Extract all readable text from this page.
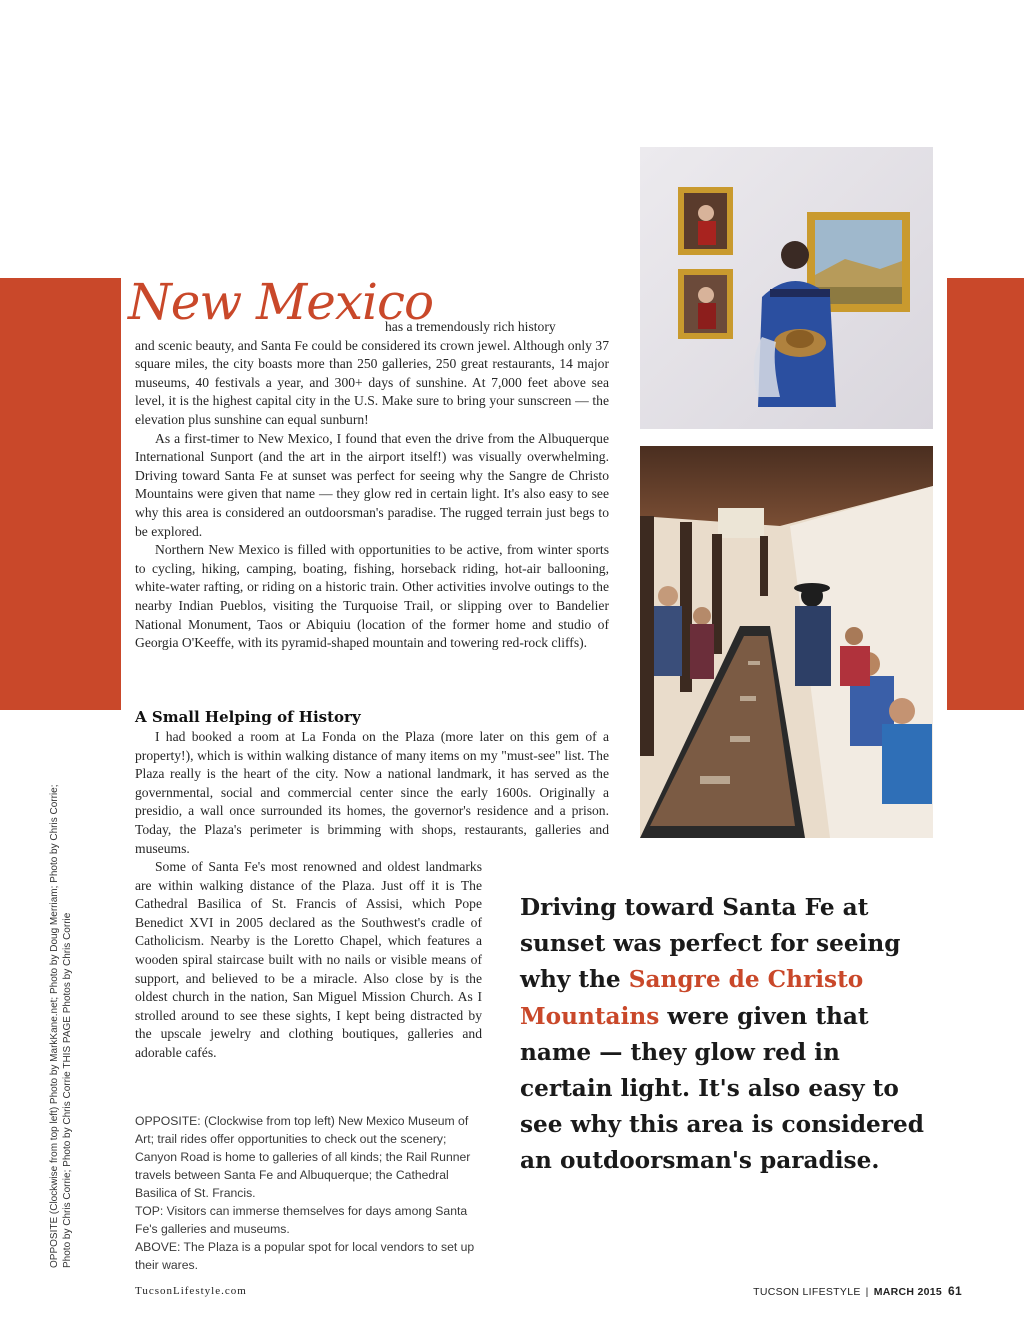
New Mexico
has a tremendously rich history

and scenic beauty, and Santa Fe could be considered its crown jewel. Although only 37 square miles, the city boasts more than 250 galleries, 250 great restaurants, 14 major museums, 40 festivals a year, and 300+ days of sunshine. At 7,000 feet above sea level, it is the highest capital city in the U.S. Make sure to bring your sunscreen — the elevation plus sunshine can equal sunburn!

As a first-timer to New Mexico, I found that even the drive from the Albuquerque International Sunport (and the art in the airport itself!) was visually overwhelming. Driving toward Santa Fe at sunset was perfect for seeing why the Sangre de Christo Mountains were given that name — they glow red in certain light. It's also easy to see why this area is considered an outdoorsman's paradise. The rugged terrain just begs to be explored.

Northern New Mexico is filled with opportunities to be active, from winter sports to cycling, hiking, camping, boating, fishing, horseback riding, hot-air ballooning, white-water rafting, or riding on a historic train. Other activities involve outings to the nearby Indian Pueblos, visiting the Turquoise Trail, or slipping over to Bandelier National Monument, Taos or Abiquiu (location of the former home and studio of Georgia O'Keeffe, with its pyramid-shaped mountain and towering red-rock cliffs).

A Small Helping of History

I had booked a room at La Fonda on the Plaza (more later on this gem of a property!), which is within walking distance of many items on my "must-see" list. The Plaza really is the heart of the city. Now a national landmark, it has served as the governmental, social and commercial center since the early 1600s. Originally a presidio, a wall once surrounded its homes, the governor's residence and a prison. Today, the Plaza's perimeter is brimming with shops, restaurants, galleries and museums.

Some of Santa Fe's most renowned and oldest landmarks are within walking distance of the Plaza. Just off it is The Cathedral Basilica of St. Francis of Assisi, which Pope Benedict XVI in 2005 declared as the Southwest's cradle of Catholicism. Nearby is the Loretto Chapel, which features a wooden spiral staircase built with no nails or visible means of support, and believed to be a miracle. Also close by is the oldest church in the nation, San Miguel Mission Church. As I strolled around to see these sights, I kept being distracted by the upscale jewelry and clothing boutiques, galleries and adorable cafés.

Driving toward Santa Fe at sunset was perfect for seeing why the Sangre de Christo Mountains were given that name — they glow red in certain light. It's also easy to see why this area is considered an outdoorsman's paradise.
OPPOSITE: (Clockwise from top left) New Mexico Museum of Art; trail rides offer opportunities to check out the scenery; Canyon Road is home to galleries of all kinds; the Rail Runner travels between Santa Fe and Albuquerque; the Cathedral Basilica of St. Francis.
TOP: Visitors can immerse themselves for days among Santa Fe's galleries and museums.
ABOVE: The Plaza is a popular spot for local vendors to set up their wares.
OPPOSITE (Clockwise from top left) Photo by MarkKane.net; Photo by Doug Merriam; Photo by Chris Corrie; Photo by Chris Corrie; Photo by Chris Corrie THIS PAGE Photos by Chris Corrie
TucsonLifestyle.com	TUCSON LIFESTYLE | MARCH 2015 61
